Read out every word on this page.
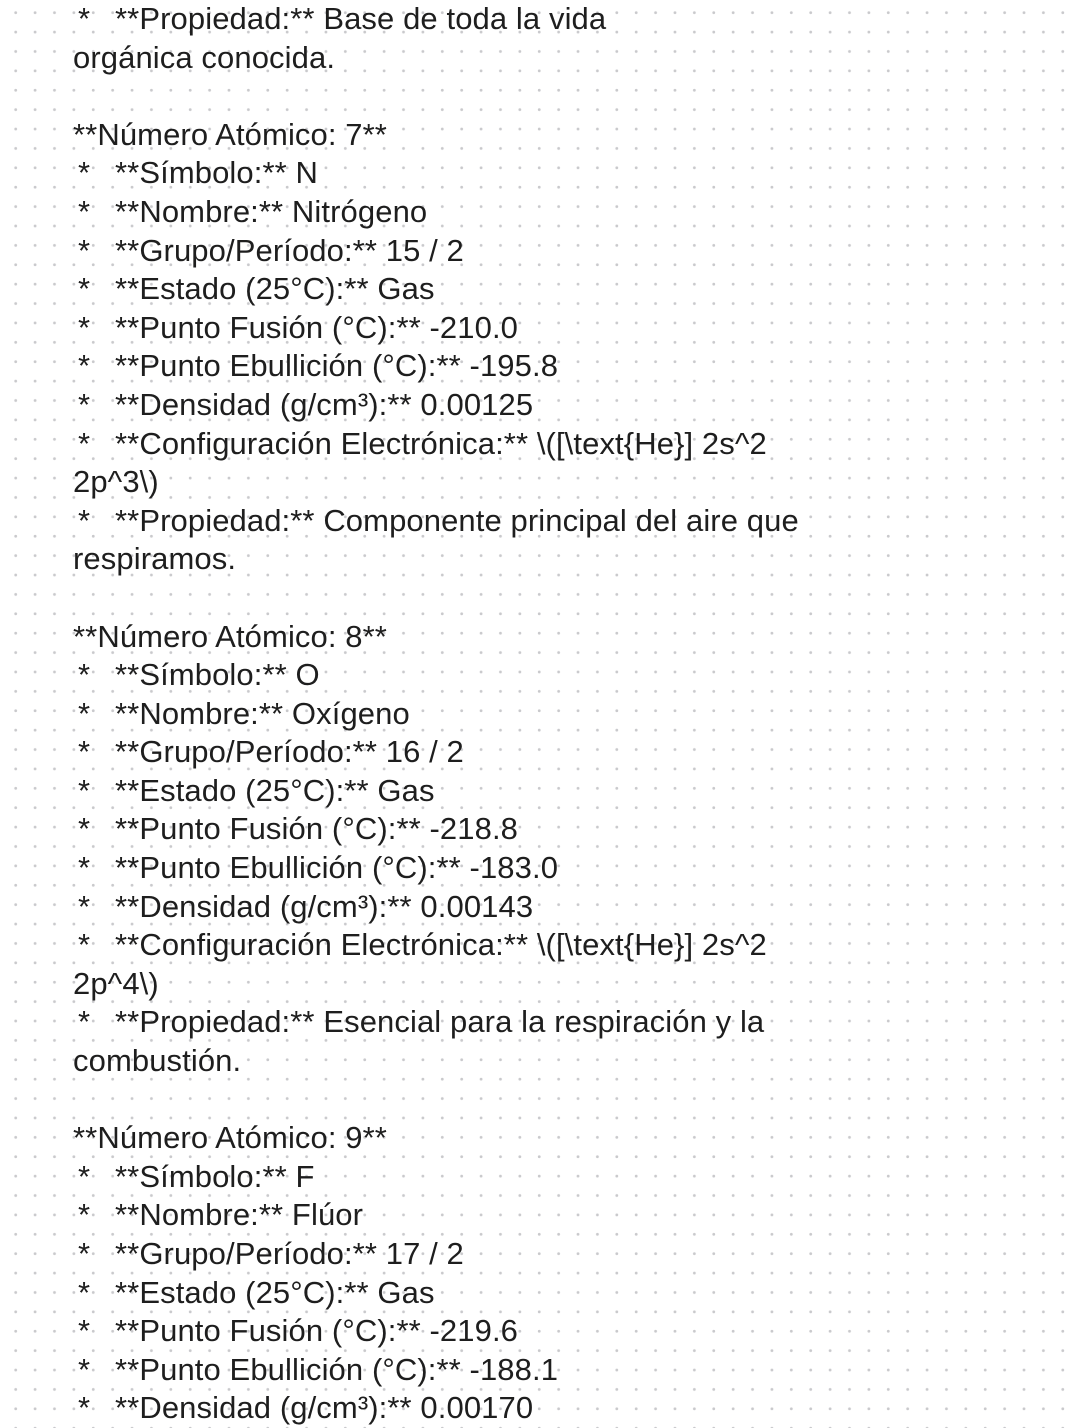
* **Propiedad:** Base de toda la vida
orgánica conocida.
**Número Atómico: 7**
* **Símbolo:** N
* **Nombre:** Nitrógeno
* **Grupo/Período:** 15 / 2
* **Estado (25°C):** Gas
* **Punto Fusión (°C):** -210.0
* **Punto Ebullición (°C):** -195.8
* **Densidad (g/cm³):** 0.00125
* **Configuración Electrónica:** \([\text{He}] 2s^2
2p^3\)
* **Propiedad:** Componente principal del aire que
respiramos.
**Número Atómico: 8**
* **Símbolo:** O
* **Nombre:** Oxígeno
* **Grupo/Período:** 16 / 2
* **Estado (25°C):** Gas
* **Punto Fusión (°C):** -218.8
* **Punto Ebullición (°C):** -183.0
* **Densidad (g/cm³):** 0.00143
* **Configuración Electrónica:** \([\text{He}] 2s^2
2p^4\)
* **Propiedad:** Esencial para la respiración y la
combustión.
**Número Atómico: 9**
* **Símbolo:** F
* **Nombre:** Flúor
* **Grupo/Período:** 17 / 2
* **Estado (25°C):** Gas
* **Punto Fusión (°C):** -219.6
* **Punto Ebullición (°C):** -188.1
* **Densidad (g/cm³):** 0.00170
